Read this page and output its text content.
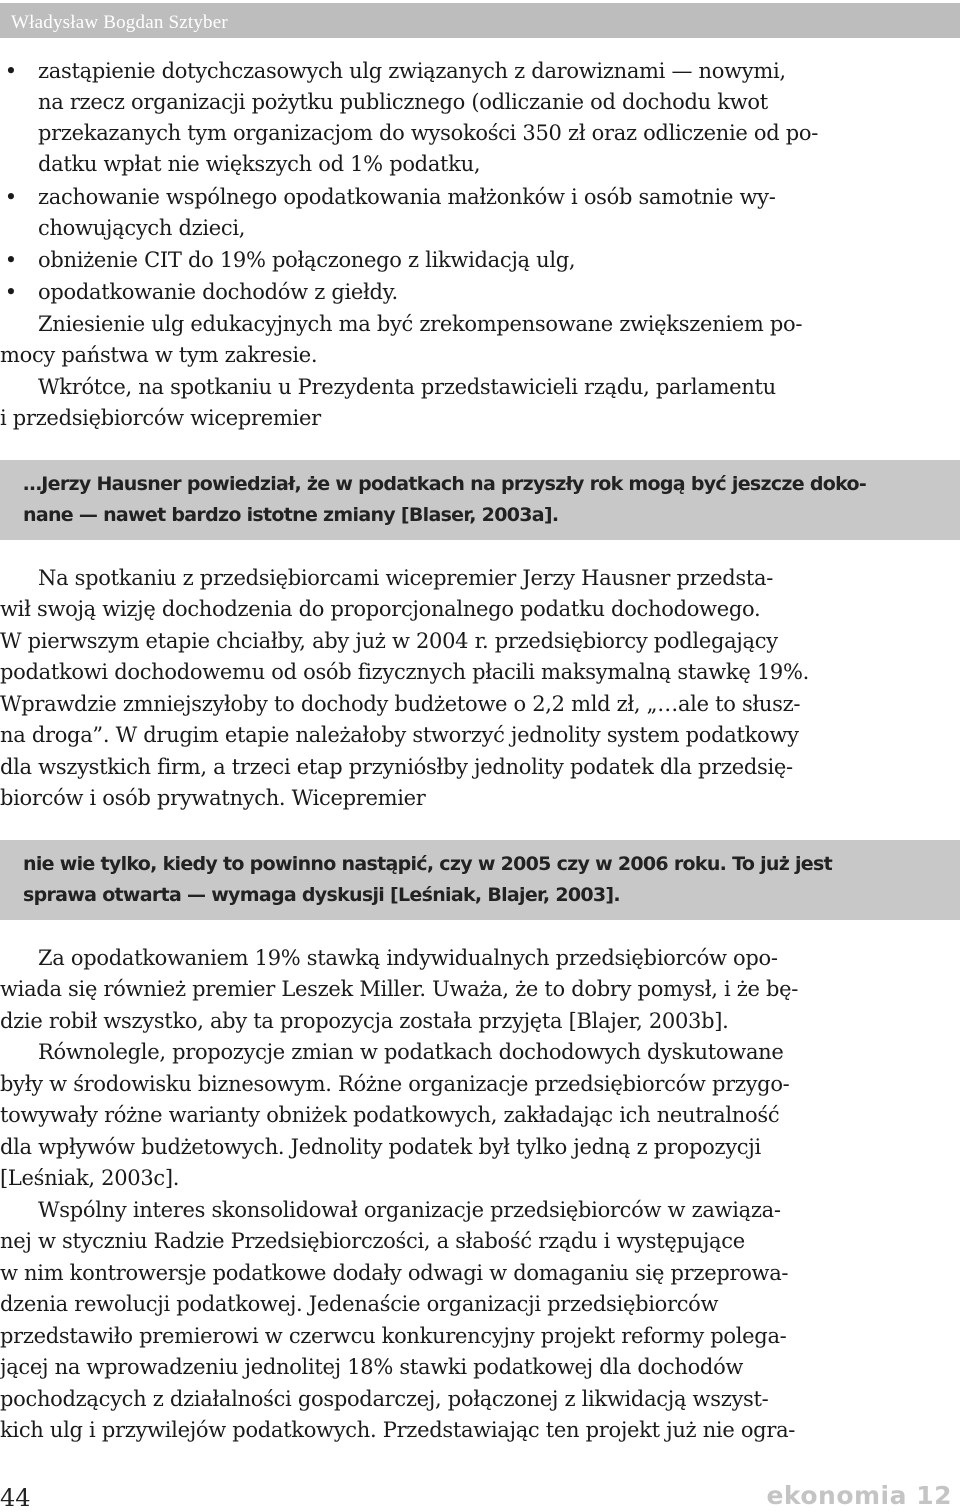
Władysław Bogdan Sztyber
• zastąpienie dotychczasowych ulg związanych z darowiznami — nowymi,
na rzecz organizacji pożytku publicznego (odliczanie od dochodu kwot
przekazanych tym organizacjom do wysokości 350 zł oraz odliczenie od po-
datku wpłat nie większych od 1% podatku,
• zachowanie wspólnego opodatkowania małżonków i osób samotnie wy-
chowujących dzieci,
• obniżenie CIT do 19% połączonego z likwidacją ulg,
• opodatkowanie dochodów z giełdy.
Zniesienie ulg edukacyjnych ma być zrekompensowane zwiększeniem po-
mocy państwa w tym zakresie.
Wkrótce, na spotkaniu u Prezydenta przedstawicieli rządu, parlamentu
i przedsiębiorców wicepremier
…Jerzy Hausner powiedział, że w podatkach na przyszły rok mogą być jeszcze doko-
nane — nawet bardzo istotne zmiany [Blaser, 2003a].
Na spotkaniu z przedsiębiorcami wicepremier Jerzy Hausner przedsta-
wił swoją wizję dochodzenia do proporcjonalnego podatku dochodowego.
W pierwszym etapie chciałby, aby już w 2004 r. przedsiębiorcy podlegający
podatkowi dochodowemu od osób fizycznych płacili maksymalną stawkę 19%.
Wprawdzie zmniejszyłoby to dochody budżetowe o 2,2 mld zł, „…ale to słusz-
na droga”. W drugim etapie należałoby stworzyć jednolity system podatkowy
dla wszystkich firm, a trzeci etap przyniósłby jednolity podatek dla przedsię-
biorców i osób prywatnych. Wicepremier
nie wie tylko, kiedy to powinno nastąpić, czy w 2005 czy w 2006 roku. To już jest
sprawa otwarta — wymaga dyskusji [Leśniak, Blajer, 2003].
Za opodatkowaniem 19% stawką indywidualnych przedsiębiorców opo-
wiada się również premier Leszek Miller. Uważa, że to dobry pomysł, i że bę-
dzie robił wszystko, aby ta propozycja została przyjęta [Blajer, 2003b].
Równolegle, propozycje zmian w podatkach dochodowych dyskutowane
były w środowisku biznesowym. Różne organizacje przedsiębiorców przygo-
towywały różne warianty obniżek podatkowych, zakładając ich neutralność
dla wpływów budżetowych. Jednolity podatek był tylko jedną z propozycji
[Leśniak, 2003c].
Wspólny interes skonsolidował organizacje przedsiębiorców w zawiąza-
nej w styczniu Radzie Przedsiębiorczości, a słabość rządu i występujące
w nim kontrowersje podatkowe dodały odwagi w domaganiu się przeprowa-
dzenia rewolucji podatkowej. Jedenaście organizacji przedsiębiorców
przedstawiło premierowi w czerwcu konkurencyjny projekt reformy polega-
jącej na wprowadzeniu jednolitej 18% stawki podatkowej dla dochodów
pochodzących z działalności gospodarczej, połączonej z likwidacją wszyst-
kich ulg i przywilejów podatkowych. Przedstawiając ten projekt już nie ogra-
44	ekonomia 12
